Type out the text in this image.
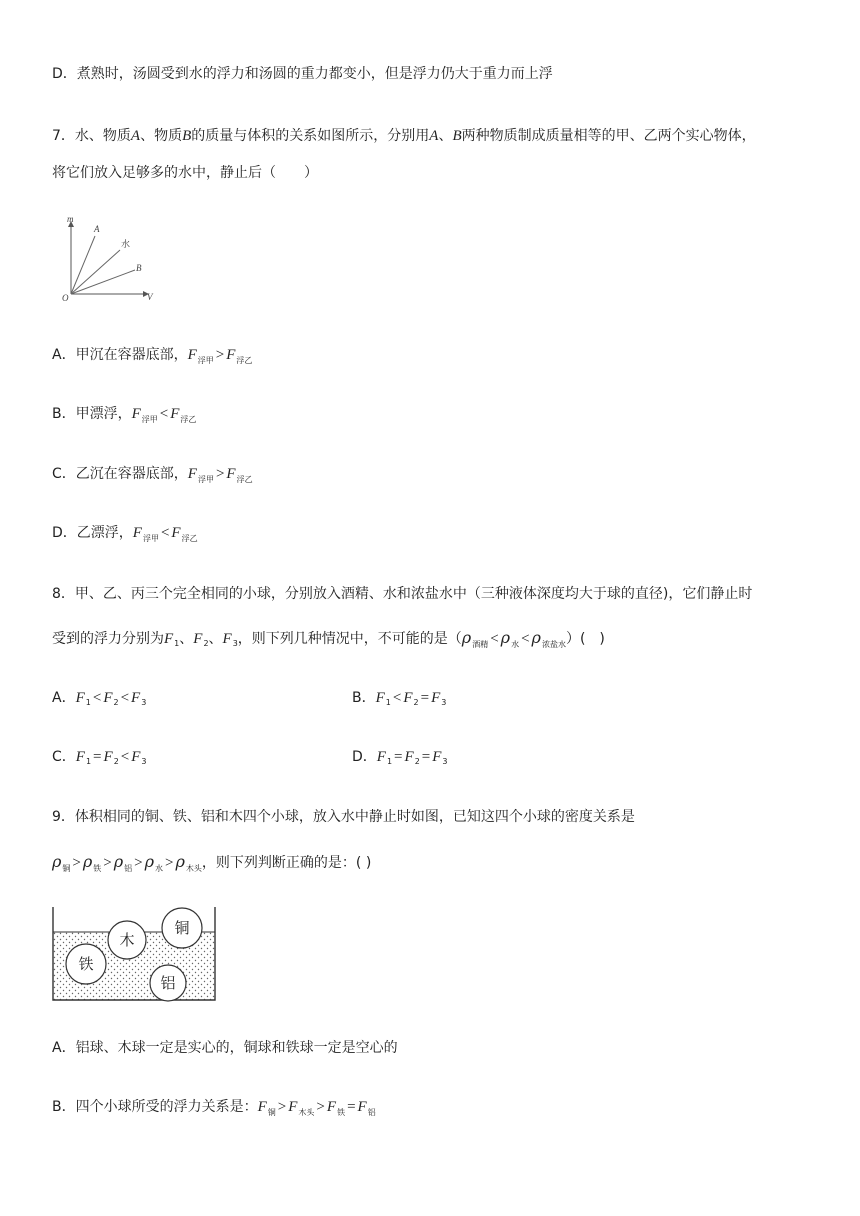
D．煮熟时，汤圆受到水的浮力和汤圆的重力都变小，但是浮力仍大于重力而上浮
7．水、物质A、物质B的质量与体积的关系如图所示，分别用A、B两种物质制成质量相等的甲、乙两个实心物体，
将它们放入足够多的水中，静止后（　　）
m
V
O
A
水
B
A．甲沉在容器底部，$F_{浮甲} > F_{浮乙}$
B．甲漂浮，$F_{浮甲} < F_{浮乙}$
C．乙沉在容器底部，$F_{浮甲} > F_{浮乙}$
D．乙漂浮，$F_{浮甲} < F_{浮乙}$
8．甲、乙、丙三个完全相同的小球，分别放入酒精、水和浓盐水中（三种液体深度均大于球的直径)，它们静止时
受到的浮力分别为$F_1$、$F_2$、$F_3$，则下列几种情况中，不可能的是$(\rho_{酒精} < \rho_水 < \rho_{浓盐水})$(　)
A．$F_1 < F_2 < F_3$	B．$F_1 < F_2 = F_3$
C．$F_1 = F_2 < F_3$	D．$F_1 = F_2 = F_3$
9．体积相同的铜、铁、铝和木四个小球，放入水中静止时如图，已知这四个小球的密度关系是
$\rho_铜 > \rho_铁 > \rho_铝 > \rho_水 > \rho_{木头}$，则下列判断正确的是：( )
木
铜
铁
铝
A．铝球、木球一定是实心的，铜球和铁球一定是空心的
B．四个小球所受的浮力关系是：$F_铜 > F_{木头} > F_铁 = F_铝$
